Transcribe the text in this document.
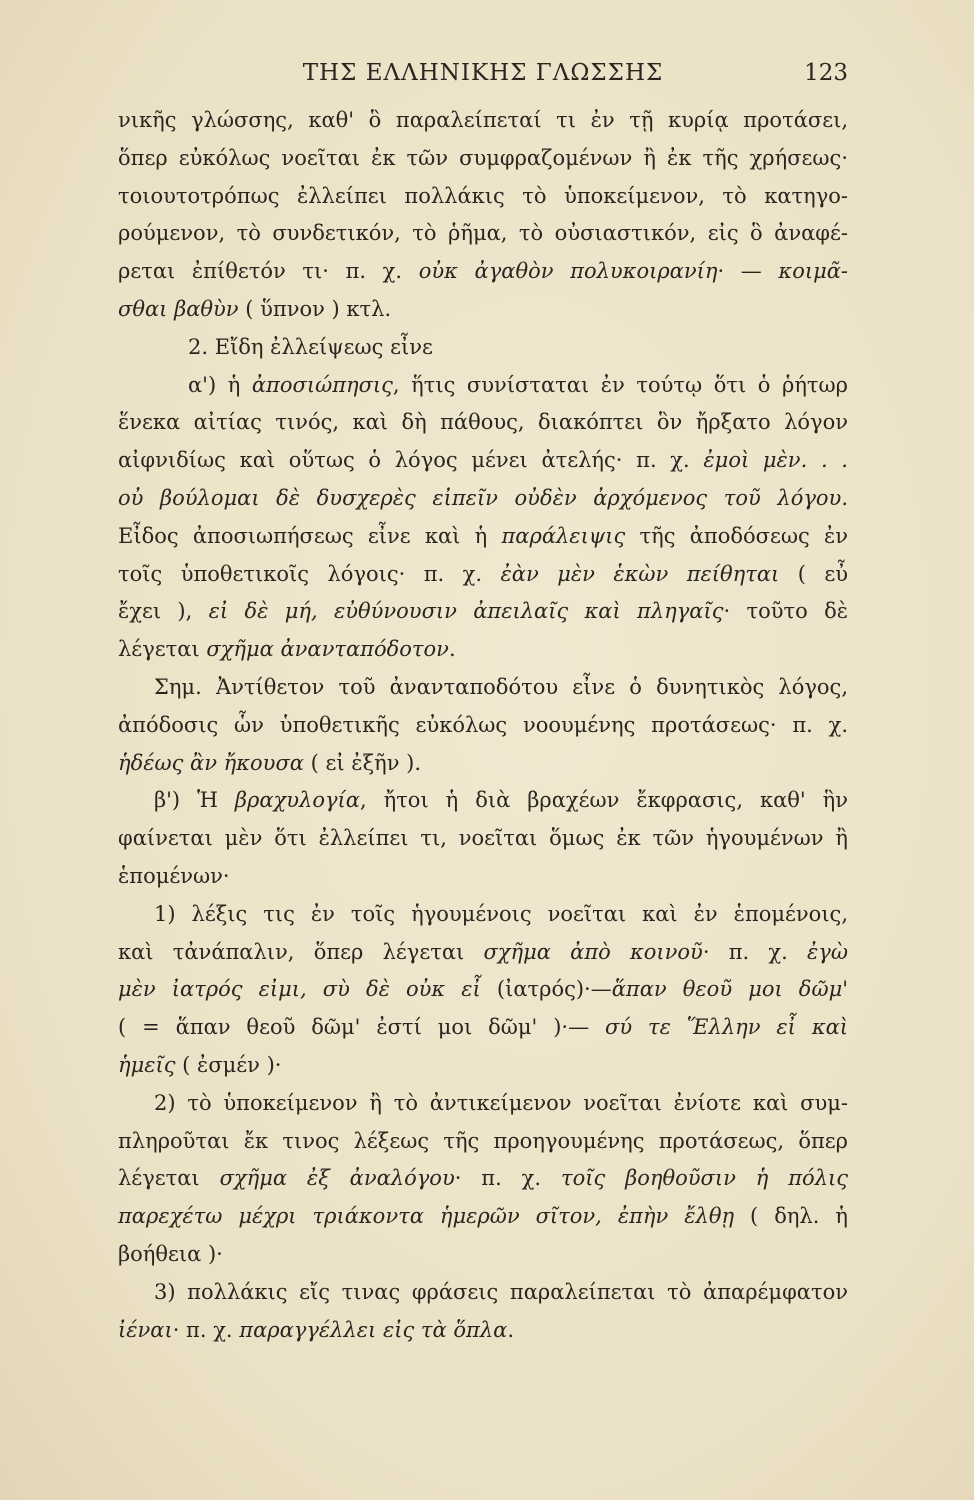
ΤΗΣ ΕΛΛΗΝΙΚΗΣ ΓΛΩΣΣΗΣ	123
νικῆς γλώσσης, καθ' ὃ παραλείπεταί τι ἐν τῇ κυρίᾳ προτάσει,
ὅπερ εὐκόλως νοεῖται ἐκ τῶν συμφραζομένων ἢ ἐκ τῆς χρήσεως·
τοιουτοτρόπως ἐλλείπει πολλάκις τὸ ὑποκείμενον, τὸ κατηγο-
ρούμενον, τὸ συνδετικόν, τὸ ῥῆμα, τὸ οὐσιαστικόν, εἰς ὃ ἀναφέ-
ρεται ἐπίθετόν τι· π. χ. οὐκ ἀγαθὸν πολυκοιρανίη· — κοιμᾶ-
σθαι βαθὺν ( ὕπνον ) κτλ.
2. Εἴδη ἐλλείψεως εἶνε
α') ἡ ἀποσιώπησις, ἥτις συνίσταται ἐν τούτῳ ὅτι ὁ ῥήτωρ
ἕνεκα αἰτίας τινός, καὶ δὴ πάθους, διακόπτει ὃν ἤρξατο λόγον
αἰφνιδίως καὶ οὕτως ὁ λόγος μένει ἀτελής· π. χ. ἐμοὶ μὲν. . .
οὐ βούλομαι δὲ δυσχερὲς εἰπεῖν οὐδὲν ἀρχόμενος τοῦ λόγου.
Εἶδος ἀποσιωπήσεως εἶνε καὶ ἡ παράλειψις τῆς ἀποδόσεως ἐν
τοῖς ὑποθετικοῖς λόγοις· π. χ. ἐὰν μὲν ἑκὼν πείθηται ( εὖ
ἔχει ), εἰ δὲ μή, εὐθύνουσιν ἀπειλαῖς καὶ πληγαῖς· τοῦτο δὲ
λέγεται σχῆμα ἀνανταπόδοτον.
Σημ. Ἀντίθετον τοῦ ἀνανταποδότου εἶνε ὁ δυνητικὸς λόγος,
ἀπόδοσις ὧν ὑποθετικῆς εὐκόλως νοουμένης προτάσεως· π. χ.
ἡδέως ἂν ἤκουσα ( εἰ ἐξῆν ).
β') Ἡ βραχυλογία, ἤτοι ἡ διὰ βραχέων ἔκφρασις, καθ' ἣν
φαίνεται μὲν ὅτι ἐλλείπει τι, νοεῖται ὅμως ἐκ τῶν ἡγουμένων ἢ
ἑπομένων·
1) λέξις τις ἐν τοῖς ἡγουμένοις νοεῖται καὶ ἐν ἑπομένοις,
καὶ τἀνάπαλιν, ὅπερ λέγεται σχῆμα ἀπὸ κοινοῦ· π. χ. ἐγὼ
μὲν ἰατρός εἰμι, σὺ δὲ οὐκ εἶ (ἰατρός)·—ἅπαν θεοῦ μοι δῶμ'
( = ἅπαν θεοῦ δῶμ' ἐστί μοι δῶμ' )·— σύ τε Ἕλλην εἶ καὶ
ἡμεῖς ( ἐσμέν )·
2) τὸ ὑποκείμενον ἢ τὸ ἀντικείμενον νοεῖται ἐνίοτε καὶ συμ-
πληροῦται ἔκ τινος λέξεως τῆς προηγουμένης προτάσεως, ὅπερ
λέγεται σχῆμα ἐξ ἀναλόγου· π. χ. τοῖς βοηθοῦσιν ἡ πόλις
παρεχέτω μέχρι τριάκοντα ἡμερῶν σῖτον, ἐπὴν ἔλθῃ ( δηλ. ἡ
βοήθεια )·
3) πολλάκις εἴς τινας φράσεις παραλείπεται τὸ ἀπαρέμφατον
ἰέναι· π. χ. παραγγέλλει εἰς τὰ ὅπλα.
